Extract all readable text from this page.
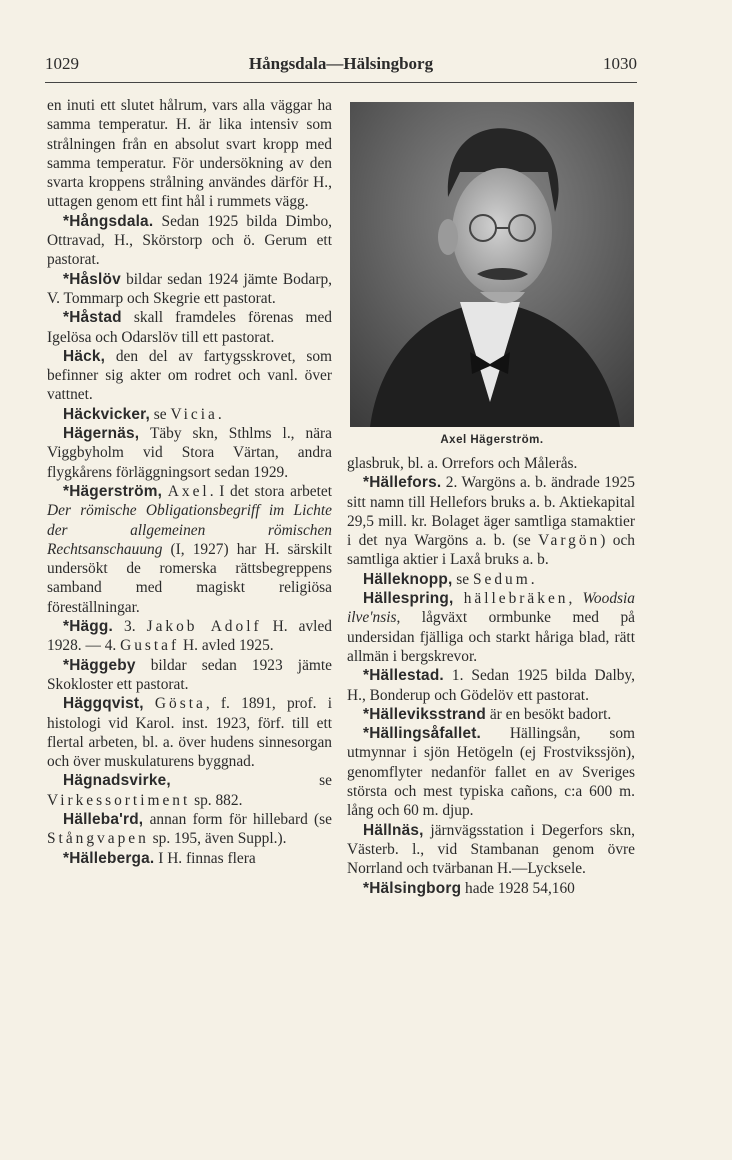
1029	Hångsdala—Hälsingborg	1030

en inuti ett slutet hålrum, vars alla väggar ha samma temperatur. H. är lika intensiv som strålningen från en absolut svart kropp med samma temperatur. För undersökning av den svarta kroppens strålning användes därför H., uttagen genom ett fint hål i rummets vägg.

*Hångsdala. Sedan 1925 bilda Dimbo, Ottravad, H., Skörstorp och ö. Gerum ett pastorat.

*Håslöv bildar sedan 1924 jämte Bodarp, V. Tommarp och Skegrie ett pastorat.

*Håstad skall framdeles förenas med Igelösa och Odarslöv till ett pastorat.

Häck, den del av fartygsskrovet, som befinner sig akter om rodret och vanl. över vattnet.

Häckvicker, se Vicia.

Hägernäs, Täby skn, Sthlms l., nära Viggbyholm vid Stora Värtan, andra flygkårens förläggningsort sedan 1929.

*Hägerström, Axel. I det stora arbetet Der römische Obligationsbegriff im Lichte der allgemeinen römischen Rechtsanschauung (I, 1927) har H. särskilt undersökt de romerska rättsbegreppens samband med magiskt religiösa föreställningar.

*Hägg. 3. Jakob Adolf H. avled 1928. — 4. Gustaf H. avled 1925.

*Häggeby bildar sedan 1923 jämte Skokloster ett pastorat.

Häggqvist, Gösta, f. 1891, prof. i histologi vid Karol. inst. 1923, förf. till ett flertal arbeten, bl. a. över hudens sinnesorgan och över muskulaturens byggnad.

Hägnadsvirke, se Virkessortiment sp. 882.

Hälleba'rd, annan form för hillebard (se Stångvapen sp. 195, även Suppl.).

*Hälleberga. I H. finnas flera

Axel Hägerström.

glasbruk, bl. a. Orrefors och Målerås.

*Hällefors. 2. Wargöns a. b. ändrade 1925 sitt namn till Hellefors bruks a. b. Aktiekapital 29,5 mill. kr. Bolaget äger samtliga stamaktier i det nya Wargöns a. b. (se Vargön) och samtliga aktier i Laxå bruks a. b.

Hälleknopp, se Sedum.

Hällespring, hällebräken, Woodsia ilve'nsis, lågväxt ormbunke med på undersidan fjälliga och starkt håriga blad, rätt allmän i bergskrevor.

*Hällestad. 1. Sedan 1925 bilda Dalby, H., Bonderup och Gödelöv ett pastorat.

*Hälleviksstrand är en besökt badort.

*Hällingsåfallet. Hällingsån, som utmynnar i sjön Hetögeln (ej Frostvikssjön), genomflyter nedanför fallet en av Sveriges största och mest typiska cañons, c:a 600 m. lång och 60 m. djup.

Hällnäs, järnvägsstation i Degerfors skn, Västerb. l., vid Stambanan genom övre Norrland och tvärbanan H.—Lycksele.

*Hälsingborg hade 1928 54,160
